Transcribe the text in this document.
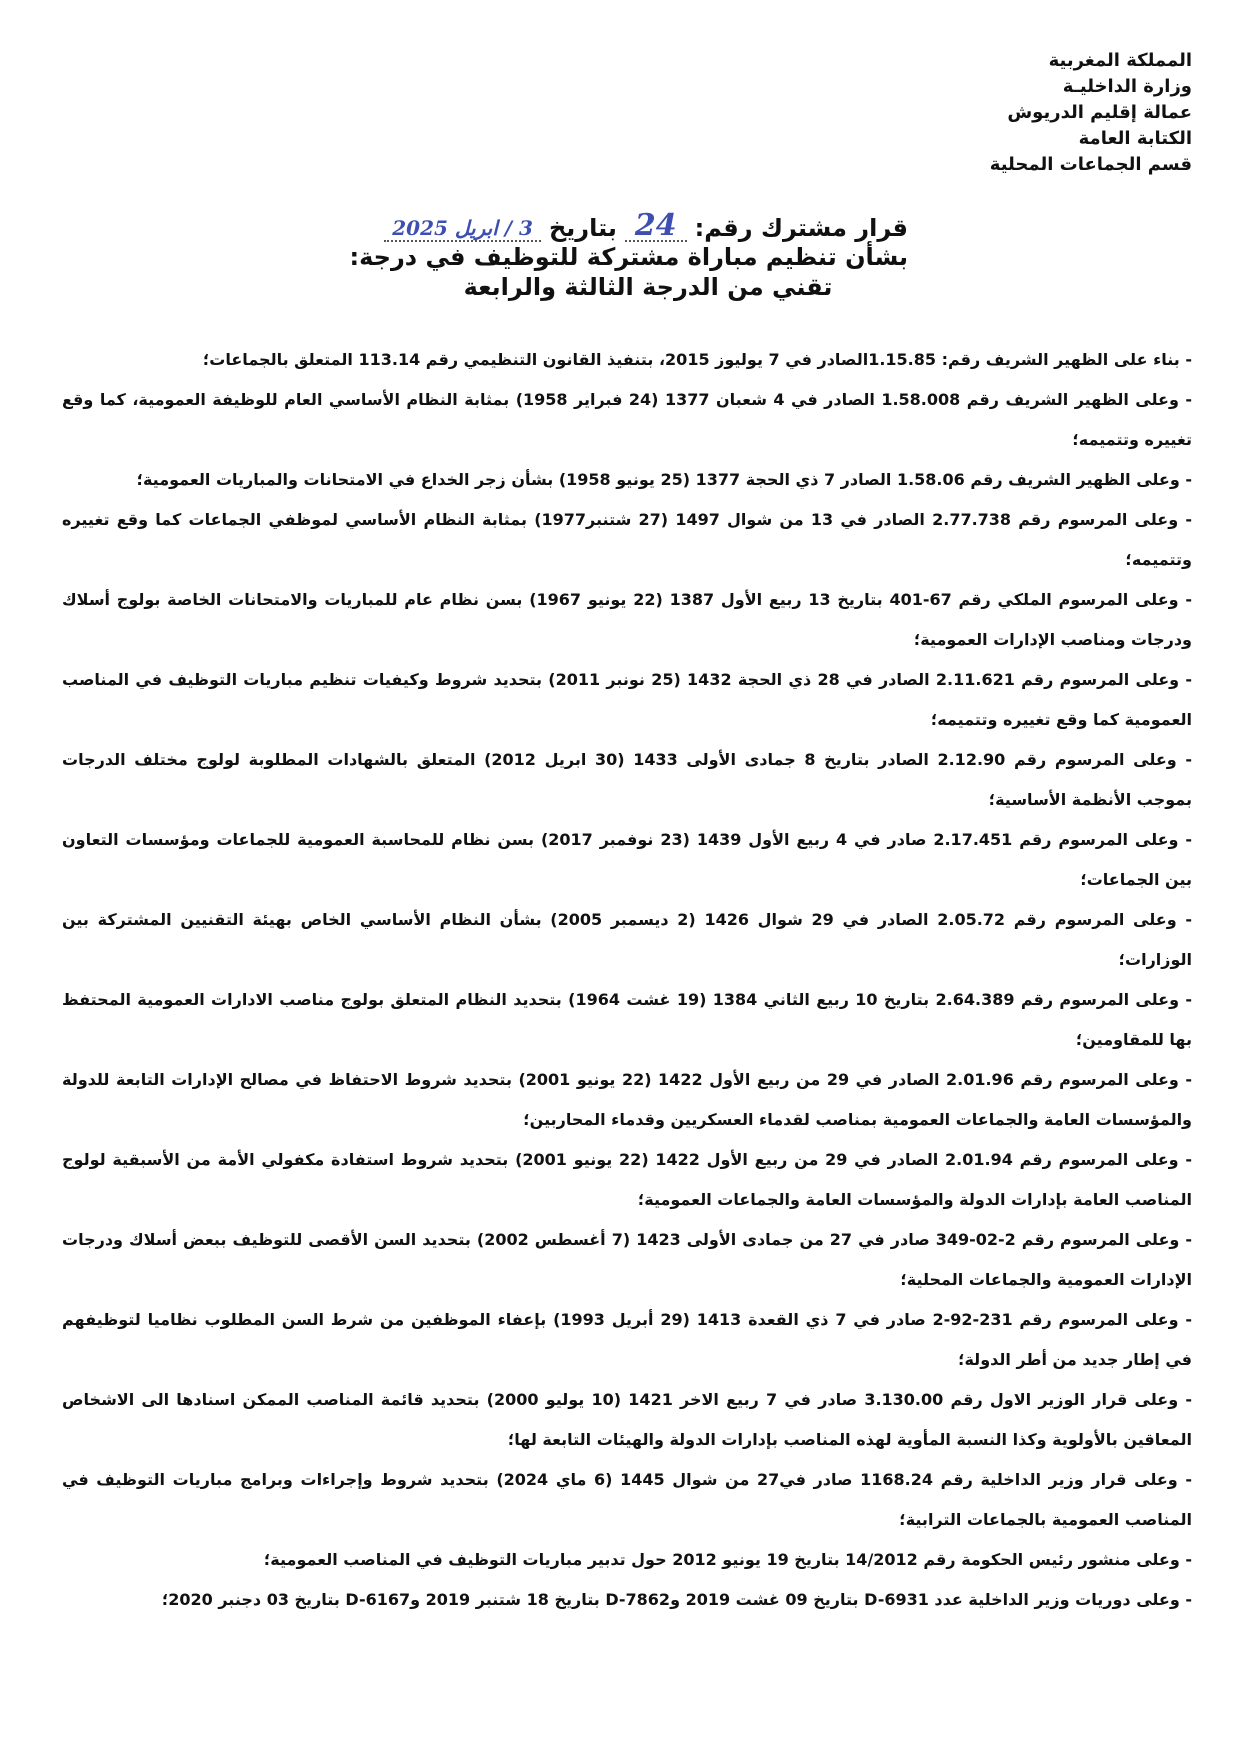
المملكة المغربية
وزارة الداخليـة
عمالة إقليم الدريوش
الكتابة العامة
قسم الجماعات المحلية
قرار مشترك رقم:
24
بتاريخ
3 / ابريل 2025
بشأن تنظيم مباراة مشتركة للتوظيف في درجة:
تقني من الدرجة الثالثة والرابعة

- بناء على الظهير الشريف رقم: 1.15.85الصادر في 7 يوليوز 2015، بتنفيذ القانون التنظيمي رقم 113.14 المتعلق بالجماعات؛

- وعلى الظهير الشريف رقم 1.58.008 الصادر في 4 شعبان 1377 (24 فبراير 1958) بمثابة النظام الأساسي العام للوظيفة العمومية، كما وقع تغييره وتتميمه؛

- وعلى الظهير الشريف رقم 1.58.06 الصادر 7 ذي الحجة 1377 (25 يونيو 1958) بشأن زجر الخداع في الامتحانات والمباريات العمومية؛

- وعلى المرسوم رقم 2.77.738 الصادر في 13 من شوال 1497 (27 شتنبر1977) بمثابة النظام الأساسي لموظفي الجماعات كما وقع تغييره وتتميمه؛

- وعلى المرسوم الملكي رقم 67-401 بتاريخ 13 ربيع الأول 1387 (22 يونيو 1967) بسن نظام عام للمباريات والامتحانات الخاصة بولوج أسلاك ودرجات ومناصب الإدارات العمومية؛

- وعلى المرسوم رقم 2.11.621 الصادر في 28 ذي الحجة 1432 (25 نونبر 2011) بتحديد شروط وكيفيات تنظيم مباريات التوظيف في المناصب العمومية كما وقع تغييره وتتميمه؛

- وعلى المرسوم رقم 2.12.90 الصادر بتاريخ 8 جمادى الأولى 1433 (30 ابريل 2012) المتعلق بالشهادات المطلوبة لولوج مختلف الدرجات بموجب الأنظمة الأساسية؛

- وعلى المرسوم رقم 2.17.451 صادر في 4 ربيع الأول 1439 (23 نوفمبر 2017) بسن نظام للمحاسبة العمومية للجماعات ومؤسسات التعاون بين الجماعات؛

- وعلى المرسوم رقم 2.05.72 الصادر في 29 شوال 1426 (2 ديسمبر 2005) بشأن النظام الأساسي الخاص بهيئة التقنيين المشتركة بين الوزارات؛

- وعلى المرسوم رقم 2.64.389 بتاريخ 10 ربيع الثاني 1384 (19 غشت 1964) بتحديد النظام المتعلق بولوج مناصب الادارات العمومية المحتفظ بها للمقاومين؛

- وعلى المرسوم رقم 2.01.96 الصادر في 29 من ربيع الأول 1422 (22 يونيو 2001) بتحديد شروط الاحتفاظ في مصالح الإدارات التابعة للدولة والمؤسسات العامة والجماعات العمومية بمناصب لقدماء العسكريين وقدماء المحاربين؛

- وعلى المرسوم رقم 2.01.94 الصادر في 29 من ربيع الأول 1422 (22 يونيو 2001) بتحديد شروط استفادة مكفولي الأمة من الأسبقية لولوج المناصب العامة بإدارات الدولة والمؤسسات العامة والجماعات العمومية؛

- وعلى المرسوم رقم 2-02-349 صادر في 27 من جمادى الأولى 1423 (7 أغسطس 2002) بتحديد السن الأقصى للتوظيف ببعض أسلاك ودرجات الإدارات العمومية والجماعات المحلية؛

- وعلى المرسوم رقم 231-92-2 صادر في 7 ذي القعدة 1413 (29 أبريل 1993) بإعفاء الموظفين من شرط السن المطلوب نظاميا لتوظيفهم في إطار جديد من أطر الدولة؛

- وعلى قرار الوزير الاول رقم 3.130.00 صادر في 7 ربيع الاخر 1421 (10 يوليو 2000) بتحديد قائمة المناصب الممكن اسنادها الى الاشخاص المعاقين بالأولوية وكذا النسبة المأوية لهذه المناصب بإدارات الدولة والهيئات التابعة لها؛

- وعلى قرار وزير الداخلية رقم 1168.24 صادر في27 من شوال 1445 (6 ماي 2024) بتحديد شروط وإجراءات وبرامج مباريات التوظيف في المناصب العمومية بالجماعات الترابية؛

- وعلى منشور رئيس الحكومة رقم 14/2012 بتاريخ 19 يونيو 2012 حول تدبير مباريات التوظيف في المناصب العمومية؛

- وعلى دوريات وزير الداخلية عدد D-6931 بتاريخ 09 غشت 2019 وD-7862 بتاريخ 18 شتنبر 2019 وD-6167 بتاريخ 03 دجنبر 2020؛
